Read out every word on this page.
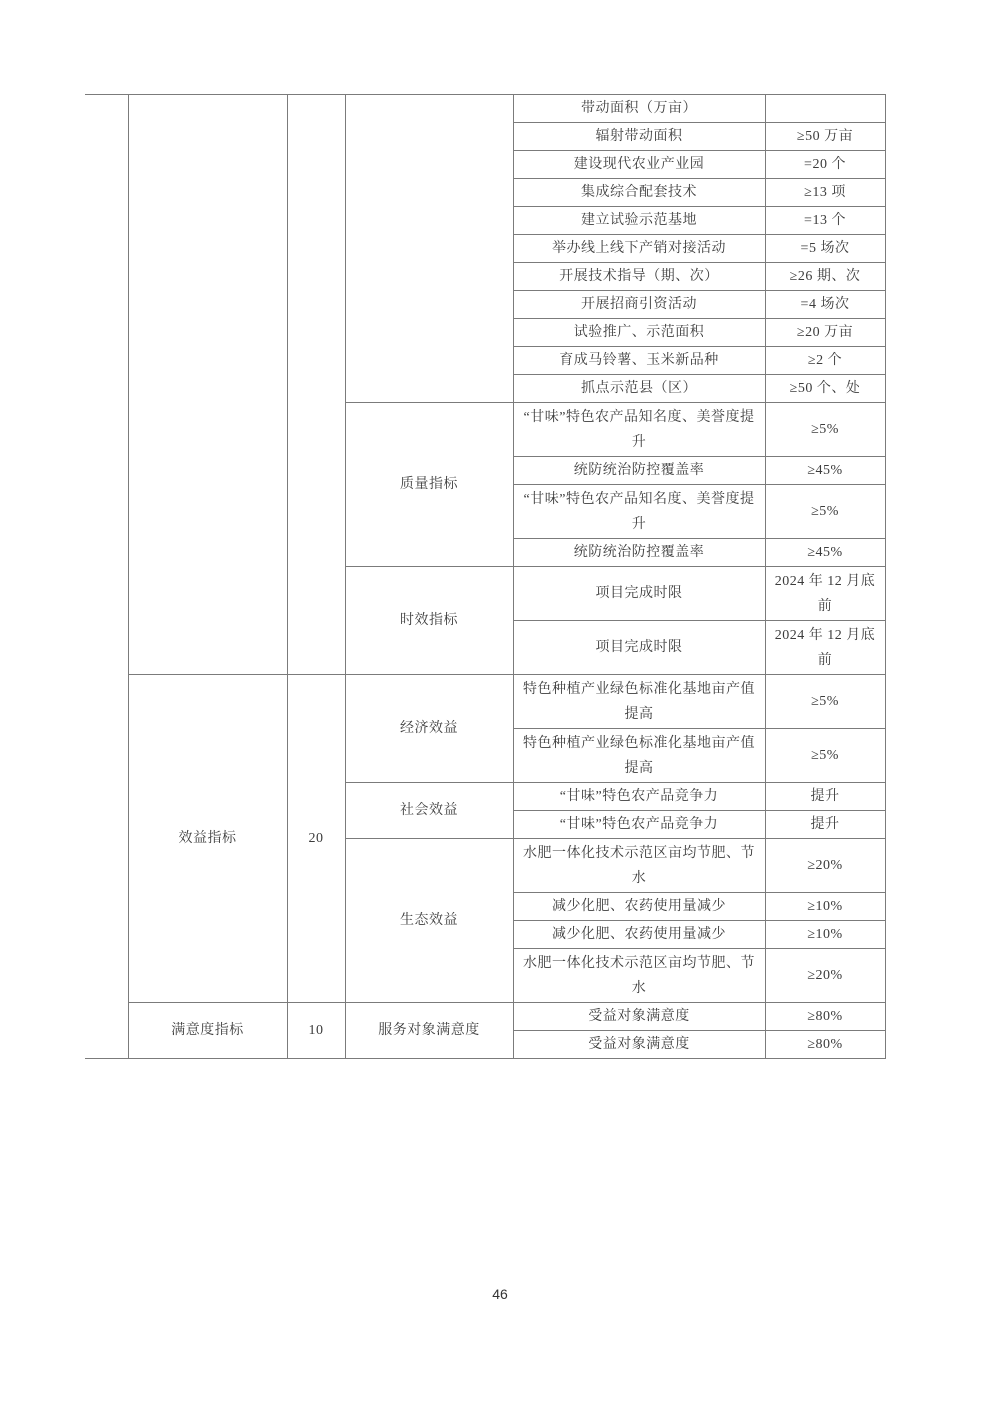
				带动面积（万亩）	
				辐射带动面积	≥50 万亩
				建设现代农业产业园	=20 个
				集成综合配套技术	≥13 项
				建立试验示范基地	=13 个
				举办线上线下产销对接活动	=5 场次
				开展技术指导（期、次）	≥26 期、次
				开展招商引资活动	=4 场次
				试验推广、示范面积	≥20 万亩
				育成马铃薯、玉米新品种	≥2 个
				抓点示范县（区）	≥50 个、处
			质量指标	“甘味”特色农产品知名度、美誉度提升	≥5%
				统防统治防控覆盖率	≥45%
				“甘味”特色农产品知名度、美誉度提升	≥5%
				统防统治防控覆盖率	≥45%
			时效指标	项目完成时限	2024 年 12 月底前
				项目完成时限	2024 年 12 月底前
	效益指标	20	经济效益	特色种植产业绿色标准化基地亩产值提高	≥5%
				特色种植产业绿色标准化基地亩产值提高	≥5%
			社会效益	“甘味”特色农产品竞争力	提升
				“甘味”特色农产品竞争力	提升
			生态效益	水肥一体化技术示范区亩均节肥、节水	≥20%
				减少化肥、农药使用量减少	≥10%
				减少化肥、农药使用量减少	≥10%
				水肥一体化技术示范区亩均节肥、节水	≥20%
	满意度指标	10	服务对象满意度	受益对象满意度	≥80%
				受益对象满意度	≥80%
46
